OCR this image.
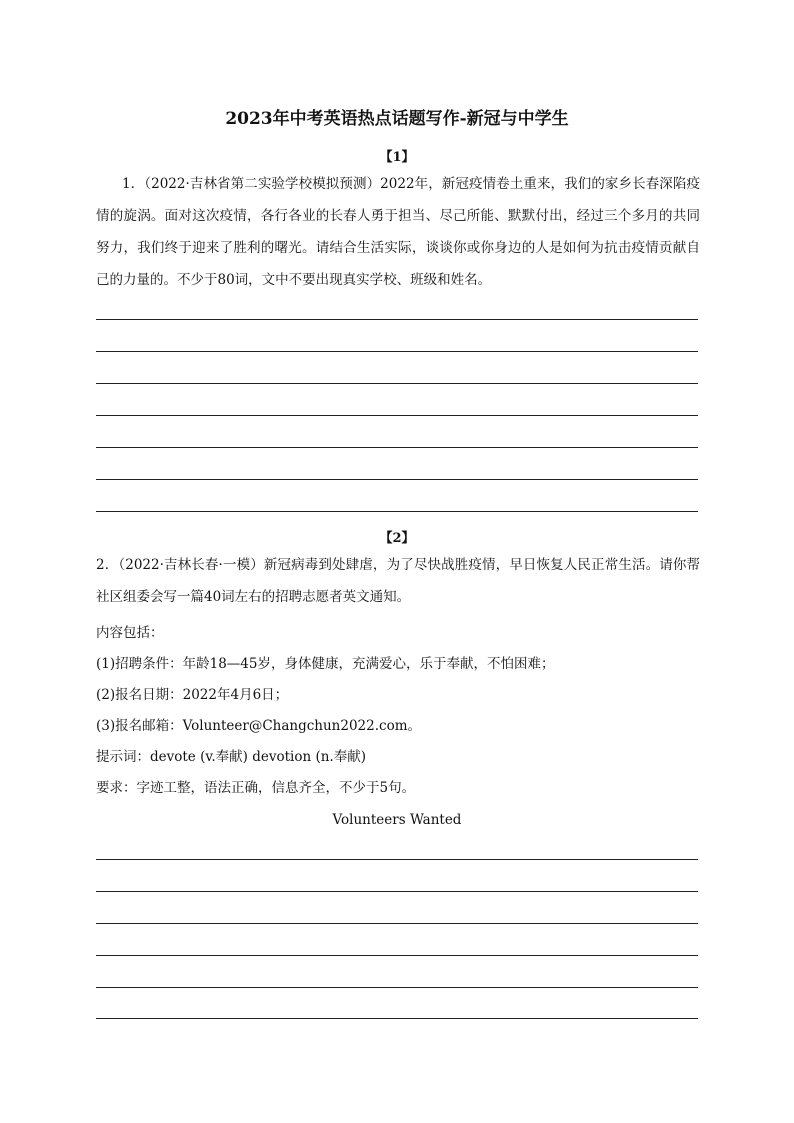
2023年中考英语热点话题写作-新冠与中学生
【1】

1．（2022·吉林省第二实验学校模拟预测）2022年，新冠疫情卷土重来，我们的家乡长春深陷疫情的旋涡。面对这次疫情，各行各业的长春人勇于担当、尽己所能、默默付出，经过三个多月的共同努力，我们终于迎来了胜利的曙光。请结合生活实际，谈谈你或你身边的人是如何为抗击疫情贡献自己的力量的。不少于80词，文中不要出现真实学校、班级和姓名。

【2】

2．（2022·吉林长春·一模）新冠病毒到处肆虐，为了尽快战胜疫情，早日恢复人民正常生活。请你帮社区组委会写一篇40词左右的招聘志愿者英文通知。

内容包括：
(1)招聘条件：年龄18—45岁，身体健康，充满爱心，乐于奉献，不怕困难；
(2)报名日期：2022年4月6日；
(3)报名邮箱：Volunteer@Changchun2022.com。
提示词：devote (v.奉献) devotion (n.奉献)
要求：字迹工整，语法正确，信息齐全，不少于5句。
Volunteers Wanted
